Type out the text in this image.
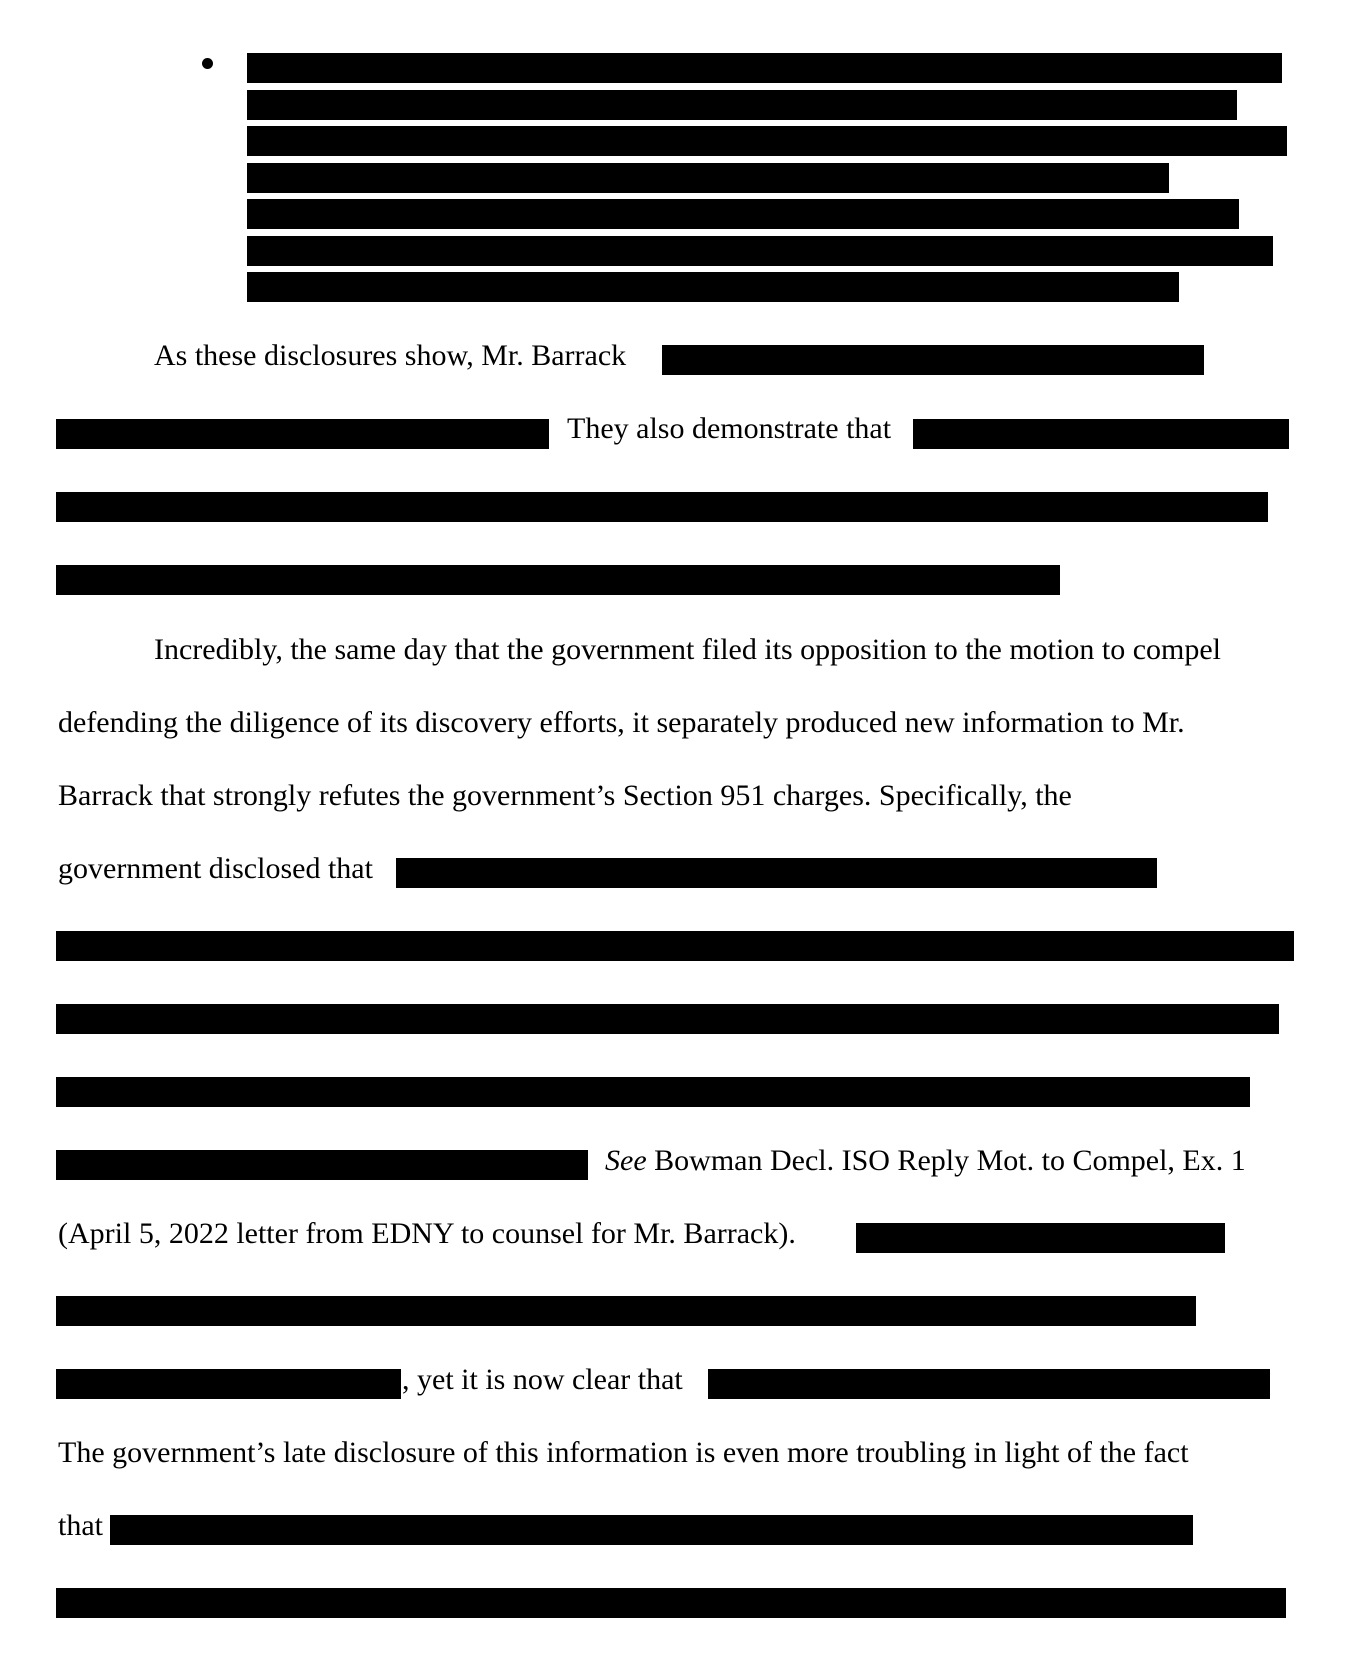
As these disclosures show, Mr. Barrack
They also demonstrate that
Incredibly, the same day that the government filed its opposition to the motion to compel
defending the diligence of its discovery efforts, it separately produced new information to Mr.
Barrack that strongly refutes the government’s Section 951 charges. Specifically, the
government disclosed that
See Bowman Decl. ISO Reply Mot. to Compel, Ex. 1
(April 5, 2022 letter from EDNY to counsel for Mr. Barrack).
, yet it is now clear that
The government’s late disclosure of this information is even more troubling in light of the fact
that
